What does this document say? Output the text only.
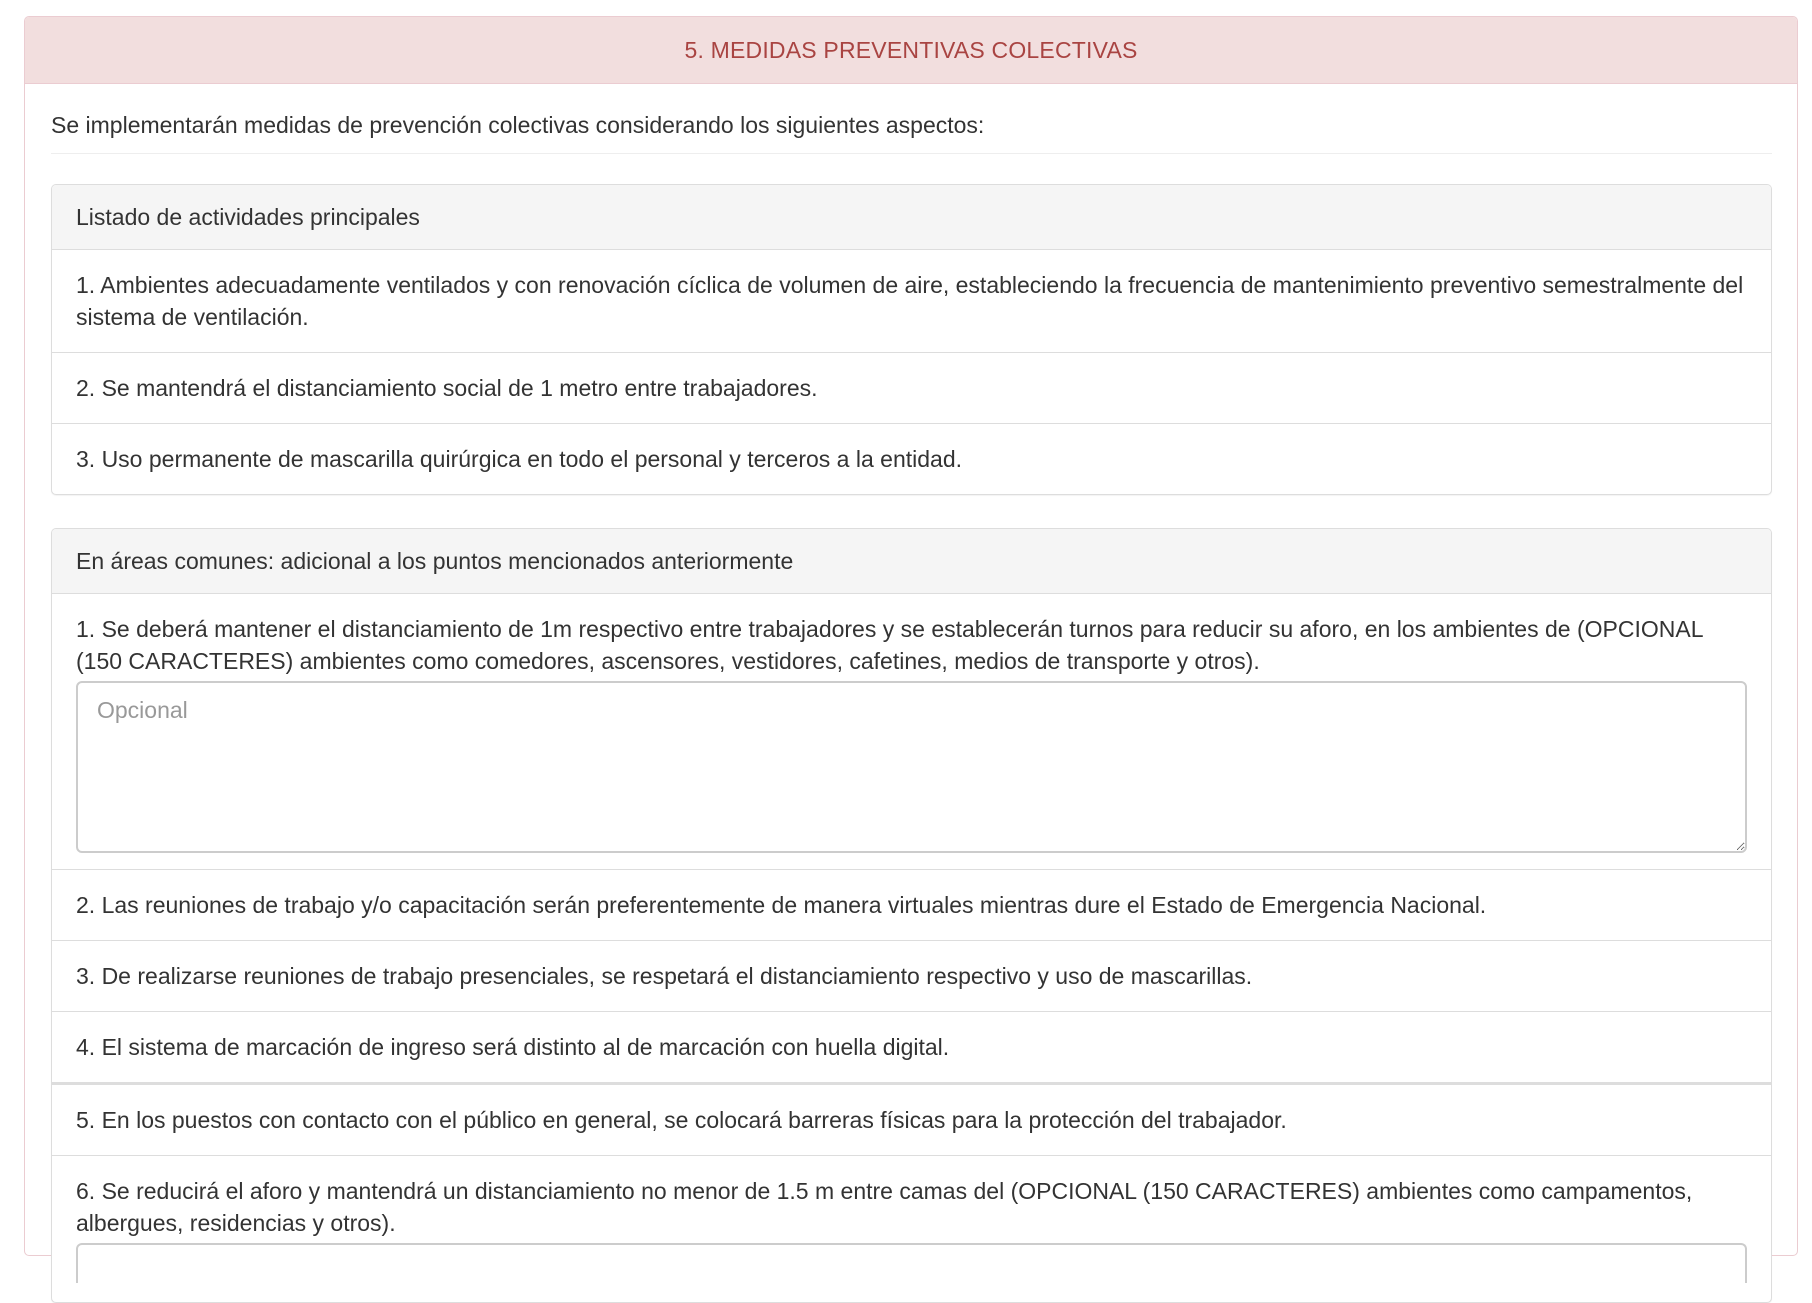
5. MEDIDAS PREVENTIVAS COLECTIVAS
Se implementarán medidas de prevención colectivas considerando los siguientes aspectos:
Listado de actividades principales
1. Ambientes adecuadamente ventilados y con renovación cíclica de volumen de aire, estableciendo la frecuencia de mantenimiento preventivo semestralmente del sistema de ventilación.
2. Se mantendrá el distanciamiento social de 1 metro entre trabajadores.
3. Uso permanente de mascarilla quirúrgica en todo el personal y terceros a la entidad.
En áreas comunes: adicional a los puntos mencionados anteriormente
1. Se deberá mantener el distanciamiento de 1m respectivo entre trabajadores y se establecerán turnos para reducir su aforo, en los ambientes de (OPCIONAL (150 CARACTERES) ambientes como comedores, ascensores, vestidores, cafetines, medios de transporte y otros).
Opcional
2. Las reuniones de trabajo y/o capacitación serán preferentemente de manera virtuales mientras dure el Estado de Emergencia Nacional.
3. De realizarse reuniones de trabajo presenciales, se respetará el distanciamiento respectivo y uso de mascarillas.
4. El sistema de marcación de ingreso será distinto al de marcación con huella digital.
5. En los puestos con contacto con el público en general, se colocará barreras físicas para la protección del trabajador.
6. Se reducirá el aforo y mantendrá un distanciamiento no menor de 1.5 m entre camas del (OPCIONAL (150 CARACTERES) ambientes como campamentos, albergues, residencias y otros).
